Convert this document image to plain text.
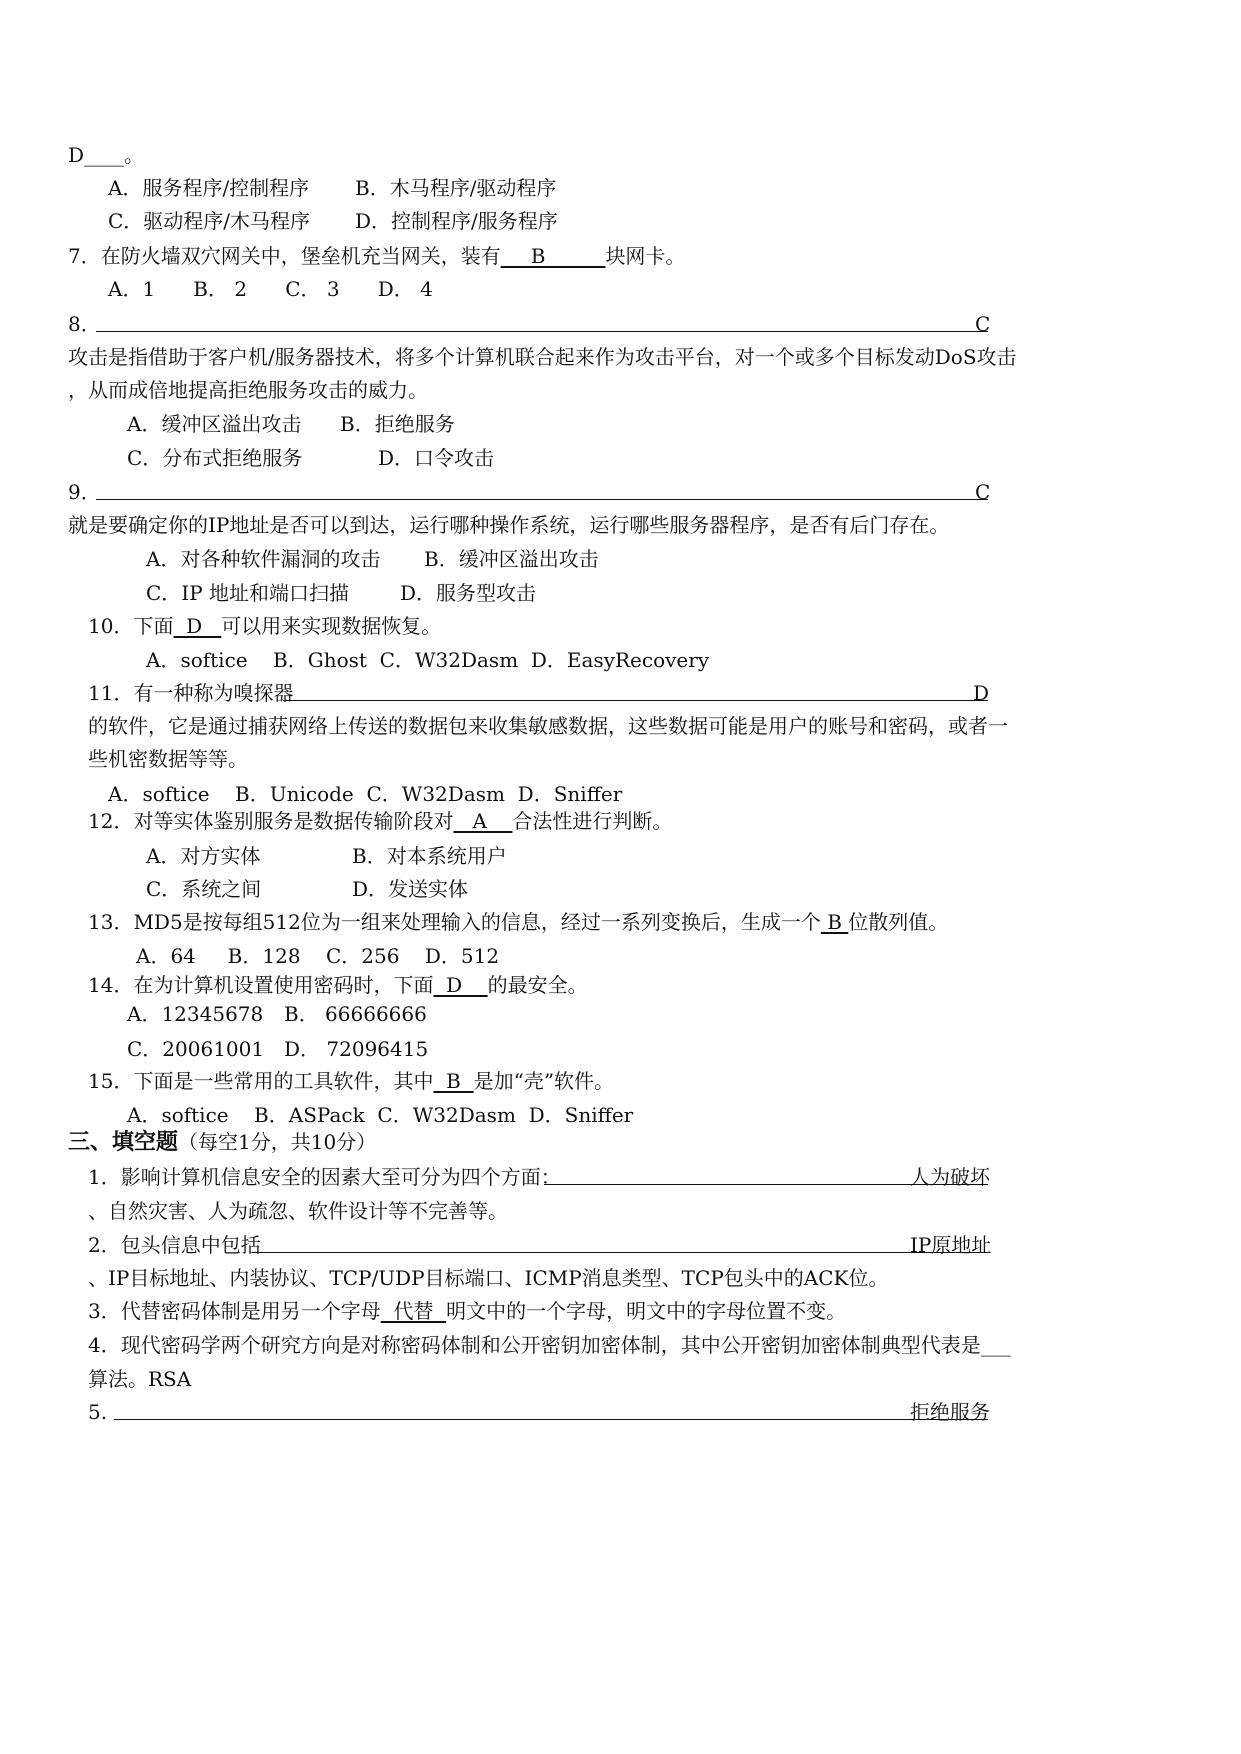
D____。
A．服务程序/控制程序 B．木马程序/驱动程序
C．驱动程序/木马程序 D．控制程序/服务程序
7．在防火墙双穴网关中，堡垒机充当网关，装有___B______块网卡。
A．1      B． 2      C． 3      D． 4
8．	C
攻击是指借助于客户机/服务器技术，将多个计算机联合起来作为攻击平台，对一个或多个目标发动DoS攻击
，从而成倍地提高拒绝服务攻击的威力。
A．缓冲区溢出攻击 B．拒绝服务
C．分布式拒绝服务	D．口令攻击
9．	C
就是要确定你的IP地址是否可以到达，运行哪种操作系统，运行哪些服务器程序，是否有后门存在。
A．对各种软件漏洞的攻击 B．缓冲区溢出攻击
C．IP 地址和端口扫描	D．服务型攻击
10．下面  D   可以用来实现数据恢复。
A．softice    B．Ghost  C．W32Dasm  D．EasyRecovery
11．有一种称为嗅探器	D
的软件，它是通过捕获网络上传送的数据包来收集敏感数据，这些数据可能是用户的账号和密码，或者一
些机密数据等等。
A．softice    B．Unicode  C．W32Dasm  D．Sniffer
12．对等实体鉴别服务是数据传输阶段对   A    合法性进行判断。
A．对方实体	B．对本系统用户
C．系统之间	D．发送实体
13．MD5是按每组512位为一组来处理输入的信息，经过一系列变换后，生成一个 B 位散列值。
A．64     B．128    C．256    D．512
14．在为计算机设置使用密码时，下面  D    的最安全。
A．12345678 B． 66666666
C．20061001 D． 72096415
15．下面是一些常用的工具软件，其中  B  是加“壳”软件。
A．softice    B．ASPack  C．W32Dasm  D．Sniffer
三、填空题（每空1分，共10分）
1．影响计算机信息安全的因素大至可分为四个方面：	人为破坏
、自然灾害、人为疏忽、软件设计等不完善等。
2．包头信息中包括	IP原地址
、IP目标地址、内装协议、TCP/UDP目标端口、ICMP消息类型、TCP包头中的ACK位。
3．代替密码体制是用另一个字母  代替  明文中的一个字母，明文中的字母位置不变。
4．现代密码学两个研究方向是对称密码体制和公开密钥加密体制，其中公开密钥加密体制典型代表是___
算法。RSA
5.	拒绝服务
